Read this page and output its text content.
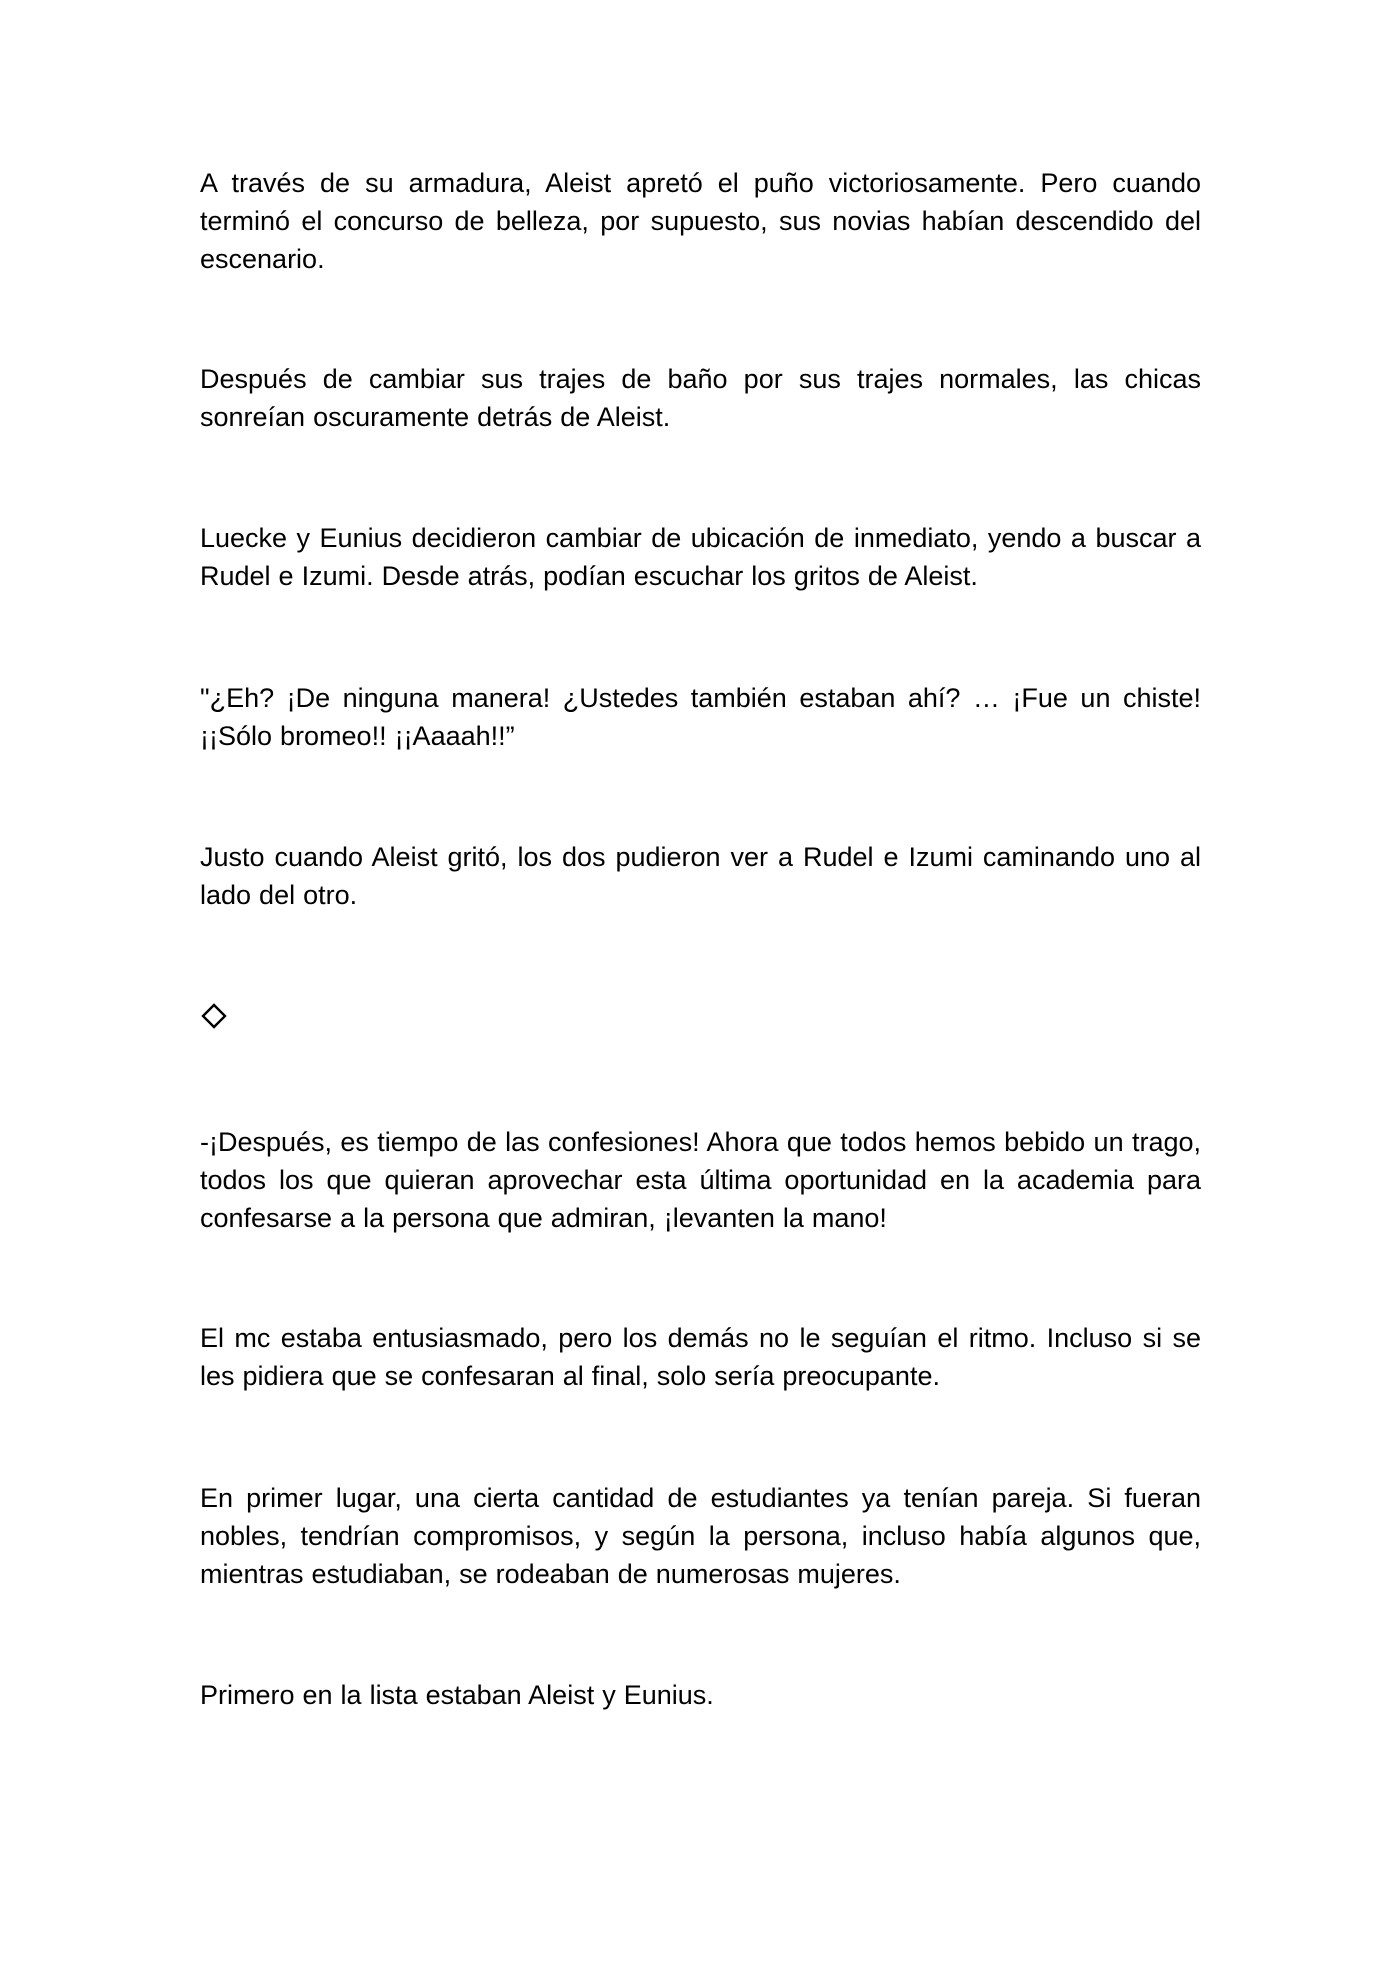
A través de su armadura, Aleist apretó el puño victoriosamente. Pero cuando terminó el concurso de belleza, por supuesto, sus novias habían descendido del escenario.

Después de cambiar sus trajes de baño por sus trajes normales, las chicas sonreían oscuramente detrás de Aleist.

Luecke y Eunius decidieron cambiar de ubicación de inmediato, yendo a buscar a Rudel e Izumi. Desde atrás, podían escuchar los gritos de Aleist.

"¿Eh? ¡De ninguna manera! ¿Ustedes también estaban ahí? … ¡Fue un chiste! ¡¡Sólo bromeo!! ¡¡Aaaah!!”

Justo cuando Aleist gritó, los dos pudieron ver a Rudel e Izumi caminando uno al lado del otro.

-¡Después, es tiempo de las confesiones! Ahora que todos hemos bebido un trago, todos los que quieran aprovechar esta última oportunidad en la academia para confesarse a la persona que admiran, ¡levanten la mano!

El mc estaba entusiasmado, pero los demás no le seguían el ritmo. Incluso si se les pidiera que se confesaran al final, solo sería preocupante.

En primer lugar, una cierta cantidad de estudiantes ya tenían pareja. Si fueran nobles, tendrían compromisos, y según la persona, incluso había algunos que, mientras estudiaban, se rodeaban de numerosas mujeres.

Primero en la lista estaban Aleist y Eunius.
